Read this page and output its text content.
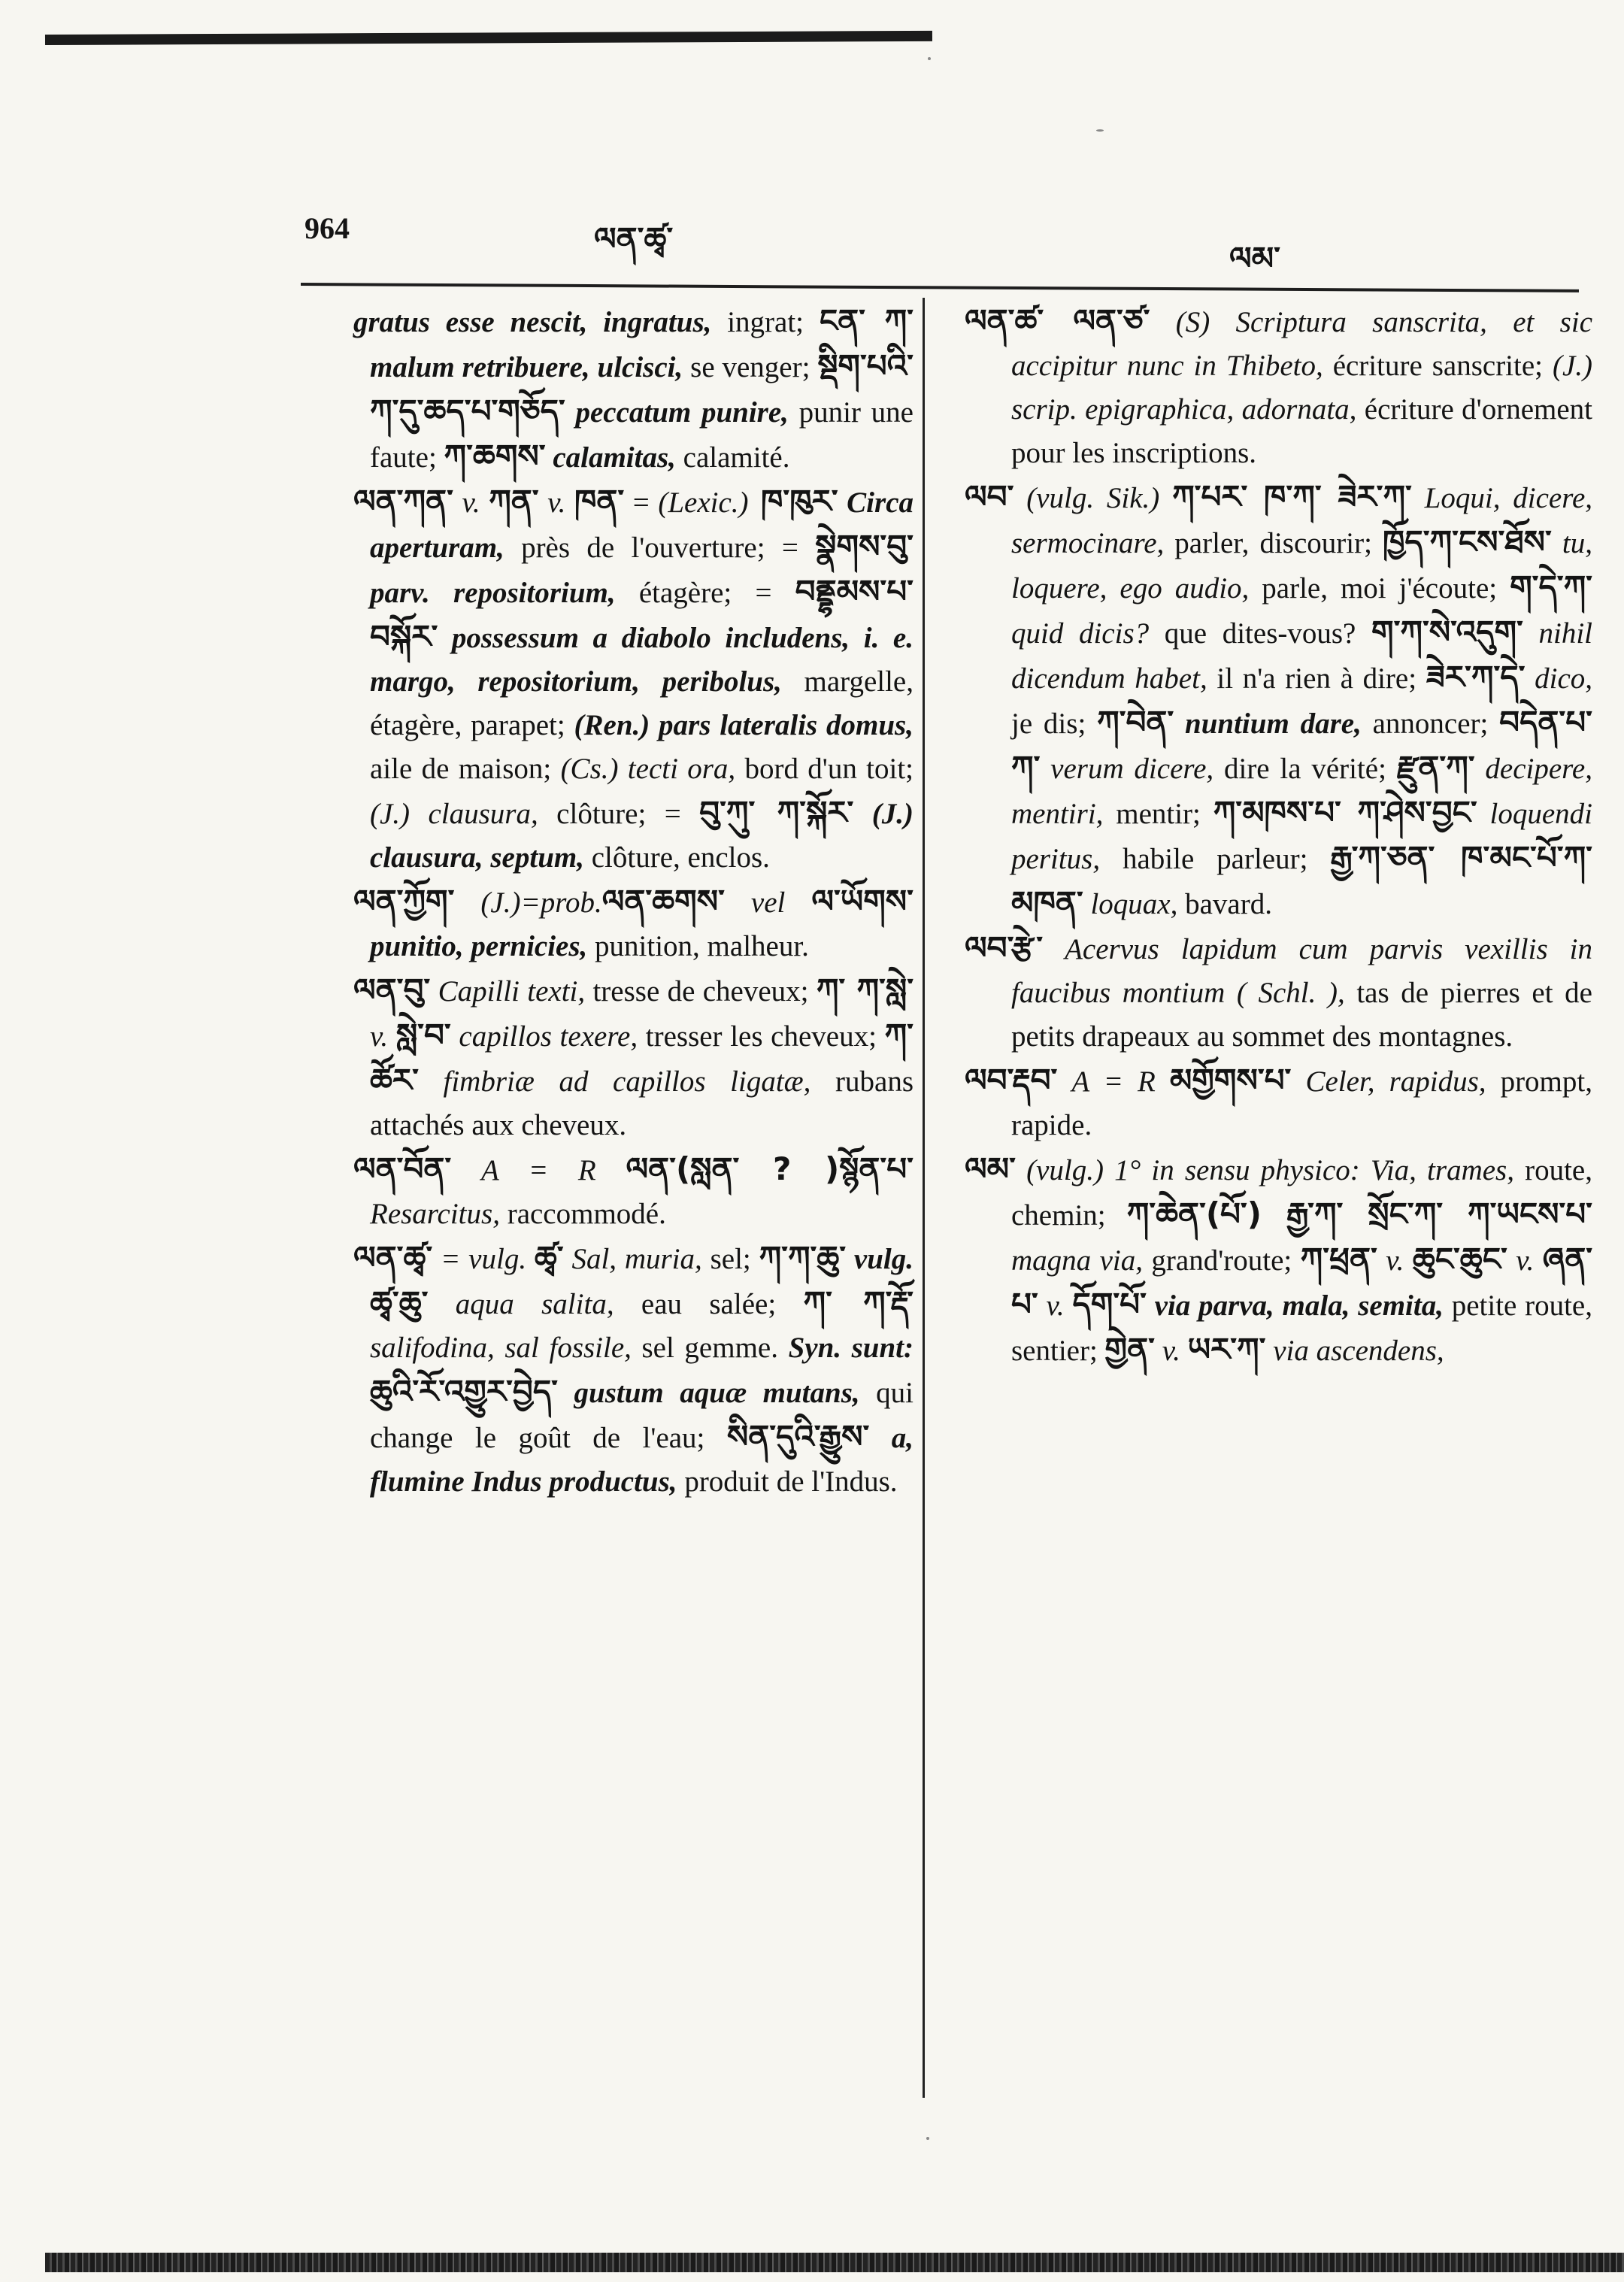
964	ལན་ཚྭ་
ལམ་

gratus esse nescit, ingratus, ingrat; ངན་ ཀ་ malum retribuere, ulcisci, se venger; སྡིག་པའི་ཀ་དུ་ཆད་པ་གཅོད་ peccatum punire, punir une faute; ཀ་ཆགས་ calamitas, calamité.

ལན་ཀན་ v. ཀན་ v. ཁན་ = (Lexic.) ཁ་ཁུར་ Circa aperturam, près de l'ouverture; = སྣེགས་བུ་ parv. repositorium, étagère; = བནྡྷམས་པ་བསྐོར་ possessum a diabolo includens, i. e. margo, repositorium, peribolus, margelle, étagère, parapet; (Ren.) pars lateralis domus, aile de maison; (Cs.) tecti ora, bord d'un toit; (J.) clausura, clôture; = བུ་ཀུ་ ཀ་སྐོར་ (J.) clausura, septum, clôture, enclos.

ལན་ཀྱོག་ (J.)=prob.ལན་ཆགས་ vel ལ་ཡོགས་ punitio, pernicies, punition, malheur.

ལན་བུ་ Capilli texti, tresse de cheveux; ཀ་ ཀ་སླེ་ v. སླེ་བ་ capillos texere, tresser les cheveux; ཀ་ཚོར་ fimbriæ ad capillos ligatæ, rubans attachés aux cheveux.

ལན་བོན་ A = R ལན་(སླན་ ? )སྙོན་པ་ Resarcitus, raccommodé.

ལན་ཚྭ་ = vulg. ཚྭ་ Sal, muria, sel; ཀ་ཀ་ཆུ་ vulg. ཚྭ་ཆུ་ aqua salita, eau salée; ཀ་ ཀ་རྡོ་ salifodina, sal fossile, sel gemme. Syn. sunt: ཆུའི་རོ་འགྱུར་བྱེད་ gustum aquæ mutans, qui change le goût de l'eau; སིན་དུའི་རྒྱུས་ a, flumine Indus productus, produit de l'Indus.

ལན་ཚ་ ལན་ཙ་ (S) Scriptura sanscrita, et sic accipitur nunc in Thibeto, écriture sanscrite; (J.) scrip. epigraphica, adornata, écriture d'ornement pour les inscriptions.

ལབ་ (vulg. Sik.) ཀ་པར་ ཁ་ཀ་ ཟེར་ཀ་ Loqui, dicere, sermocinare, parler, discourir; ཁྱོད་ཀ་ངས་ཐོས་ tu, loquere, ego audio, parle, moi j'écoute; ག་དེ་ཀ་ quid dicis? que dites-vous? ག་ཀ་སེ་འདུག་ nihil dicendum habet, il n'a rien à dire; ཟེར་ཀ་དེ་ dico, je dis; ཀ་བེན་ nuntium dare, annoncer; བདེན་པ་ཀ་ verum dicere, dire la vérité; རྫུན་ཀ་ decipere, mentiri, mentir; ཀ་མཁས་པ་ ཀ་ཤེས་བྱང་ loquendi peritus, habile parleur; རྒྱ་ཀ་ཅན་ ཁ་མང་པོ་ཀ་མཁན་ loquax, bavard.

ལབ་རྩེ་ Acervus lapidum cum parvis vexillis in faucibus montium ( Schl. ), tas de pierres et de petits drapeaux au sommet des montagnes.

ལབ་རྡབ་ A = R མགྱོགས་པ་ Celer, rapidus, prompt, rapide.

ལམ་ (vulg.) 1° in sensu physico: Via, trames, route, chemin; ཀ་ཆེན་(པོ་) རྒྱ་ཀ་ སྲོང་ཀ་ ཀ་ཡངས་པ་ magna via, grand'route; ཀ་ཕྲན་ v. ཆུང་ཆུང་ v. ཞན་པ་ v. དོག་པོ་ via parva, mala, semita, petite route, sentier; གྱེན་ v. ཡར་ཀ་ via ascendens,
